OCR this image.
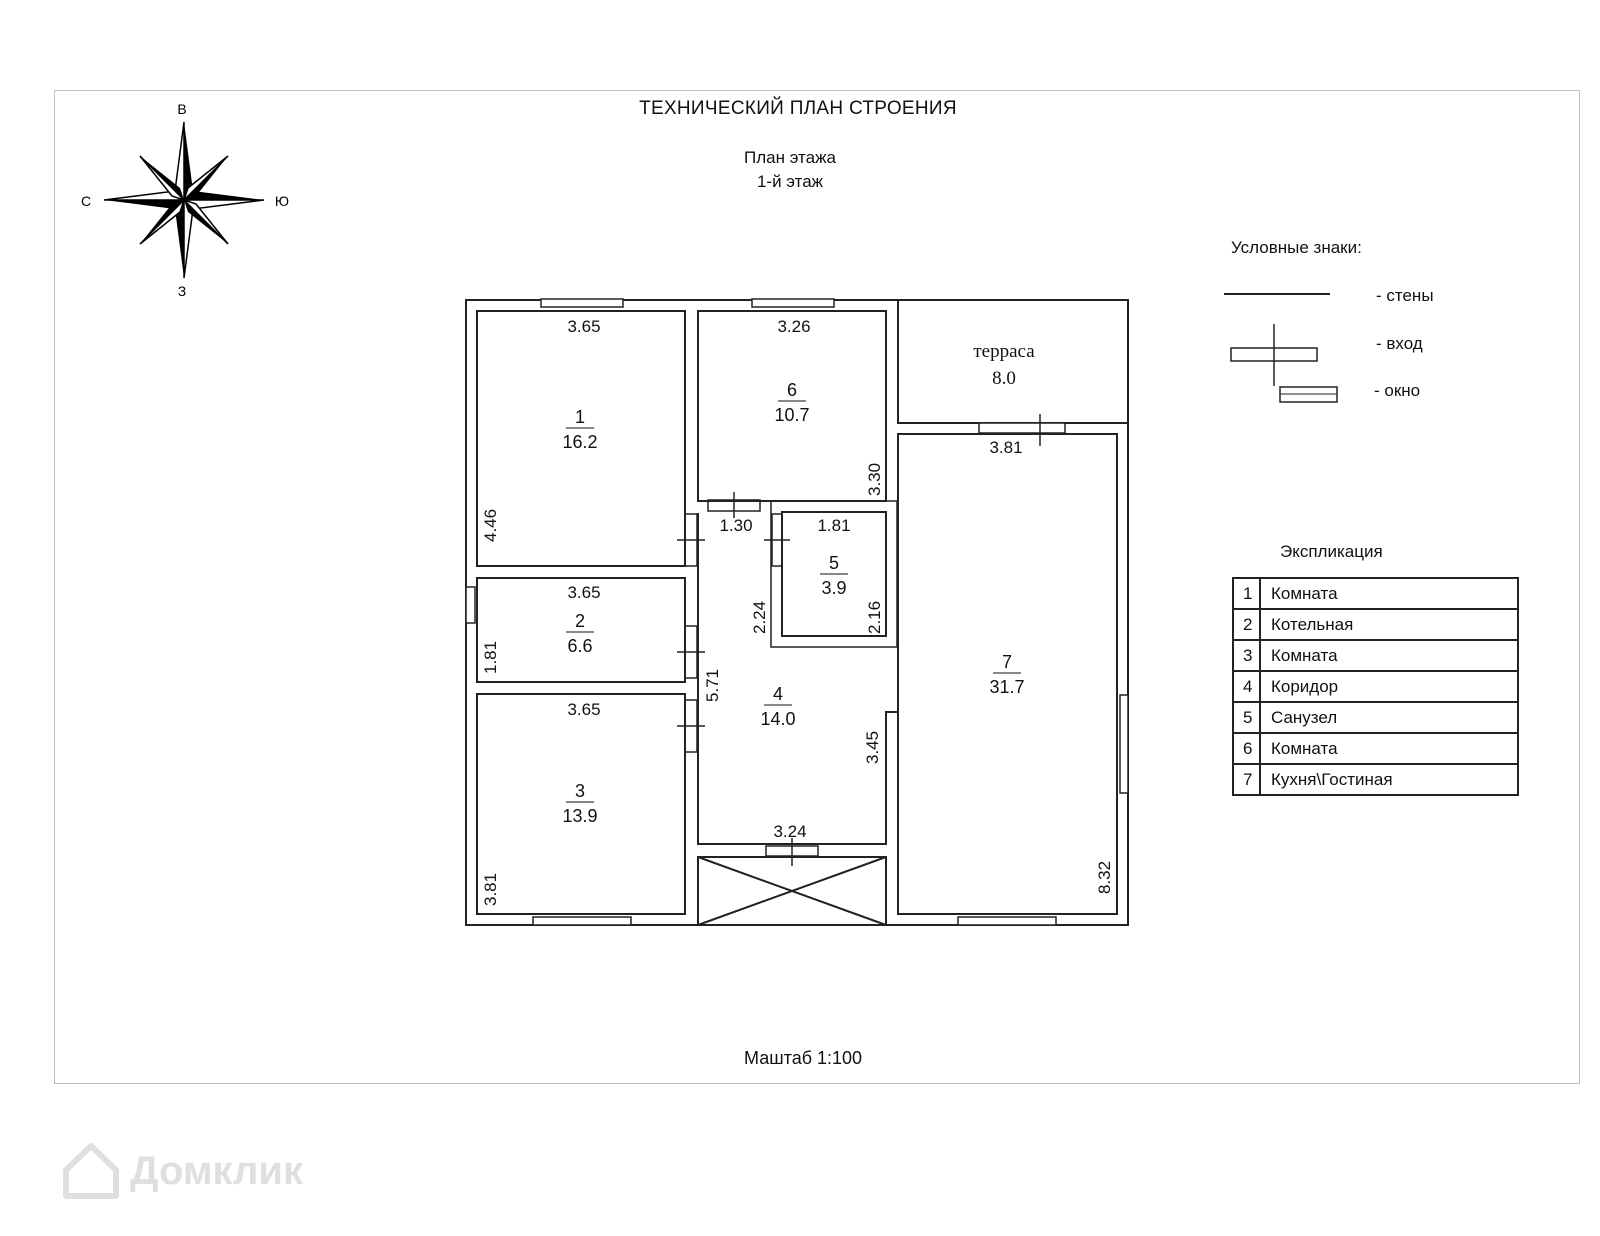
ТЕХНИЧЕСКИЙ ПЛАН СТРОЕНИЯ
План этажа
1-й этаж
В
С	Ю
З
1
16.2
2
6.6
3
13.9
4
14.0
5
3.9
6
10.7
7
31.7
терраса
8.0
3.65
4.46
3.65
1.81
3.65
3.81
3.26
3.30
1.30	1.81
2.16
2.24
5.71
3.45
3.24
3.81
8.32
Условные знаки:
- стены
- вход
- окно
Экспликация
1	Комната
2	Котельная
3	Комната
4	Коридор
5	Санузел
6	Комната
7	Кухня\Гостиная
Маштаб 1:100
Домклик
